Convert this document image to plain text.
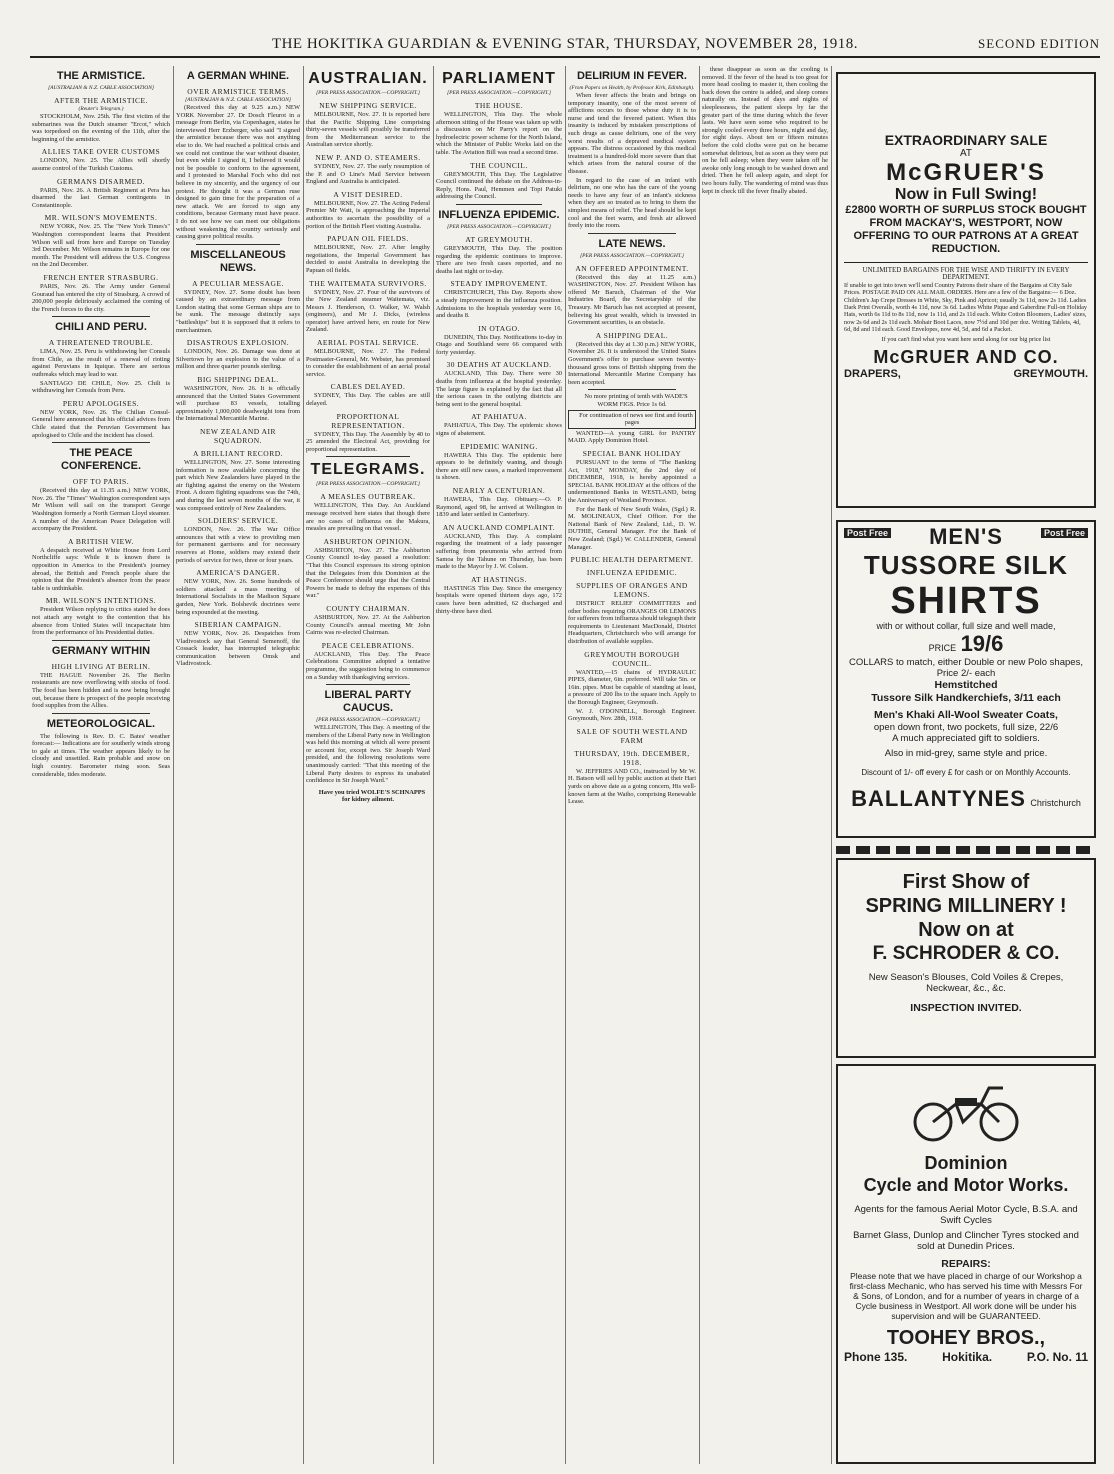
THE HOKITIKA GUARDIAN & EVENING STAR, THURSDAY, NOVEMBER 28, 1918.	SECOND EDITION
THE ARMISTICE.
[AUSTRALIAN & N.Z. CABLE ASSOCIATION]
AFTER THE ARMISTICE.
(Reuter's Telegram.)

STOCKHOLM, Nov. 25th. The first victim of the submarines was the Dutch steamer "Ercot," which was torpedoed on the evening of the 11th, after the beginning of the armistice.

ALLIES TAKE OVER CUSTOMS

LONDON, Nov. 25. The Allies will shortly assume control of the Turkish Customs.

GERMANS DISARMED.

PARIS, Nov. 26. A British Regiment at Pera has disarmed the last German contingents in Constantinople.

MR. WILSON'S MOVEMENTS.

NEW YORK, Nov. 25. The "New York Times's" Washington correspondent learns that President Wilson will sail from here and Europe on Tuesday 3rd December. Mr. Wilson remains in Europe for one month. The President will address the U.S. Congress on the 2nd December.

FRENCH ENTER STRASBURG.

PARIS, Nov. 26. The Army under General Gouraud has entered the city of Strasburg. A crowd of 200,000 people deliriously acclaimed the coming of the French forces to the city.

CHILI AND PERU.
A THREATENED TROUBLE.

LIMA, Nov. 25. Peru is withdrawing her Consuls from Chile, as the result of a renewal of rioting against Peruvians in Iquique. There are serious outbreaks which may lead to war.

SANTIAGO DE CHILE, Nov. 25. Chili is withdrawing her Consuls from Peru.

PERU APOLOGISES.

NEW YORK, Nov. 26. The Chilian Consul-General here announced that his official advices from Chile stated that the Peruvian Government has apologised to Chile and the incident has closed.

THE PEACE CONFERENCE.
OFF TO PARIS.

(Received this day at 11.35 a.m.) NEW YORK, Nov. 26. The "Times" Washington correspondent says Mr Wilson will sail on the transport George Washington formerly a North German Lloyd steamer. A number of the American Peace Delegation will accompany the President.

A BRITISH VIEW.

A despatch received at White House from Lord Northcliffe says: While it is known there is opposition in America to the President's journey abroad, the British and French people share the opinion that the President's absence from the peace table is unthinkable.

MR. WILSON'S INTENTIONS.

President Wilson replying to critics stated he does not attach any weight to the contention that his absence from United States will incapacitate him from the performance of his Presidential duties.

GERMANY WITHIN
HIGH LIVING AT BERLIN.

THE HAGUE November 26. The Berlin restaurants are now overflowing with stocks of food. The food has been hidden and is now being brought out, because there is prospect of the people receiving food supplies from the Allies.

METEOROLOGICAL.

The following is Rev. D. C. Bates' weather forecast:— Indications are for southerly winds strong to gale at times. The weather appears likely to be cloudy and unsettled. Rain probable and snow on high country. Barometer rising soon. Seas considerable, tides moderate.

A GERMAN WHINE.
OVER ARMISTICE TERMS.
[AUSTRALIAN & N.Z. CABLE ASSOCIATION]

(Received this day at 9.25 a.m.) NEW YORK November 27. Dr Dosch Fleurot in a message from Berlin, via Copenhagen, states he interviewed Herr Erzberger, who said "I signed the armistice because there was not anything else to do. We had reached a political crisis and we could not continue the war without disaster, but even while I signed it, I believed it would not be possible to conform to the agreement, and I protested to Marshal Foch who did not believe in my sincerity, and the urgency of our protest. He thought it was a German ruse designed to gain time for the preparation of a new attack. We are forced to sign any conditions, because Germany must have peace. I do not see how we can meet our obligations without weakening the country seriously and causing grave political results.

MISCELLANEOUS NEWS.
A PECULIAR MESSAGE.

SYDNEY, Nov. 27. Some doubt has been caused by an extraordinary message from London stating that some German ships are to be sunk. The message distinctly says "battleships" but it is supposed that it refers to merchantmen.

DISASTROUS EXPLOSION.

LONDON, Nov. 26. Damage was done at Silvertown by an explosion to the value of a million and three quarter pounds sterling.

BIG SHIPPING DEAL.

WASHINGTON, Nov. 26. It is officially announced that the United States Government will purchase 83 vessels, totalling approximately 1,000,000 deadweight tons from the International Mercantile Marine.

NEW ZEALAND AIR SQUADRON.
A BRILLIANT RECORD.

WELLINGTON, Nov. 27. Some interesting information is now available concerning the part which New Zealanders have played in the air fighting against the enemy on the Western Front. A dozen fighting squadrons was the 74th, and during the last seven months of the war, it was composed entirely of New Zealanders.

SOLDIERS' SERVICE.

LONDON, Nov. 26. The War Office announces that with a view to providing men for permanent garrisons and for necessary reserves at Home, soldiers may extend their periods of service for two, three or four years.

AMERICA'S DANGER.

NEW YORK, Nov. 26. Some hundreds of soldiers attacked a mass meeting of International Socialists in the Madison Square garden, New York. Bolshevik doctrines were being expounded at the meeting.

SIBERIAN CAMPAIGN.

NEW YORK, Nov. 26. Despatches from Vladivostock say that General Semenoff, the Cossack leader, has interrupted telegraphic communication between Omsk and Vladivostock.

AUSTRALIAN.
[PER PRESS ASSOCIATION.—COPYRIGHT.]
NEW SHIPPING SERVICE.

MELBOURNE, Nov. 27. It is reported here that the Pacific Shipping Line comprising thirty-seven vessels will possibly be transferred from the Mediterranean service to the Australian service shortly.

NEW P. AND O. STEAMERS.

SYDNEY, Nov. 27. The early resumption of the P. and O Line's Mail Service between England and Australia is anticipated.

A VISIT DESIRED.

MELBOURNE, Nov. 27. The Acting Federal Premier Mr Watt, is approaching the Imperial authorities to ascertain the possibility of a portion of the British Fleet visiting Australia.

PAPUAN OIL FIELDS.

MELBOURNE, Nov. 27. After lengthy negotiations, the Imperial Government has decided to assist Australia in developing the Papuan oil fields.

THE WAITEMATA SURVIVORS.

SYDNEY, Nov. 27. Four of the survivors of the New Zealand steamer Waitemata, viz. Messrs J. Henderson, O. Walker, W. Walsh (engineers), and Mr J. Dicks, (wireless operator) have arrived here, en route for New Zealand.

AERIAL POSTAL SERVICE.

MELBOURNE, Nov. 27. The Federal Postmaster-General, Mr. Webster, has promised to consider the establishment of an aerial postal service.

CABLES DELAYED.

SYDNEY, This Day. The cables are still delayed.

PROPORTIONAL REPRESENTATION.

SYDNEY, This Day. The Assembly by 40 to 25 amended the Electoral Act, providing for proportional representation.

TELEGRAMS.
[PER PRESS ASSOCIATION.—COPYRIGHT.]
A MEASLES OUTBREAK.

WELLINGTON, This Day. An Auckland message received here states that though there are no cases of influenza on the Makura, measles are prevailing on that vessel.

ASHBURTON OPINION.

ASHBURTON, Nov. 27. The Ashburton County Council to-day passed a resolution: "That this Council expresses its strong opinion that the Delegates from this Dominion at the Peace Conference should urge that the Central Powers be made to defray the expenses of this war."

COUNTY CHAIRMAN.

ASHBURTON, Nov. 27. At the Ashburton County Council's annual meeting Mr John Cairns was re-elected Chairman.

PEACE CELEBRATIONS.

AUCKLAND, This Day. The Peace Celebrations Committee adopted a tentative programme, the suggestion being to commence on a Sunday with thanksgiving services.

LIBERAL PARTY CAUCUS.
[PER PRESS ASSOCIATION.—COPYRIGHT.]

WELLINGTON, This Day. A meeting of the members of the Liberal Party now in Wellington was held this morning at which all were present or account for, except two. Sir Joseph Ward presided, and the following resolutions were unanimously carried: "That this meeting of the Liberal Party desires to express its unabated confidence in Sir Joseph Ward."

Have you tried WOLFE'S SCHNAPPS for kidney ailment.

PARLIAMENT
[PER PRESS ASSOCIATION.—COPYRIGHT.]
THE HOUSE.

WELLINGTON, This Day. The whole afternoon sitting of the House was taken up with a discussion on Mr Parry's report on the hydroelectric power scheme for the North Island, which the Minister of Public Works laid on the table. The Aviation Bill was read a second time.

THE COUNCIL.

GREYMOUTH, This Day. The Legislative Council continued the debate on the Address-in-Reply, Hons. Paul, Hemmen and Topi Patuki addressing the Council.

INFLUENZA EPIDEMIC.
[PER PRESS ASSOCIATION.—COPYRIGHT.]
AT GREYMOUTH.

GREYMOUTH, This Day. The position regarding the epidemic continues to improve. There are two fresh cases reported, and no deaths last night or to-day.

STEADY IMPROVEMENT.

CHRISTCHURCH, This Day. Reports show a steady improvement in the influenza position. Admissions to the hospitals yesterday were 16, and deaths 8.

IN OTAGO.

DUNEDIN, This Day. Notifications to-day in Otago and Southland were 66 compared with forty yesterday.

30 DEATHS AT AUCKLAND.

AUCKLAND, This Day. There were 30 deaths from influenza at the hospital yesterday. The large figure is explained by the fact that all the serious cases in the outlying districts are being sent to the general hospital.

AT PAHIATUA.

PAHIATUA, This Day. The epidemic shows signs of abatement.

EPIDEMIC WANING.

HAWERA This Day. The epidemic here appears to be definitely waning, and though there are still new cases, a marked improvement is shown.

NEARLY A CENTURIAN.

HAWERA, This Day. Obituary.—O. P. Raymond, aged 98, he arrived at Wellington in 1839 and later settled in Canterbury.

AN AUCKLAND COMPLAINT.

AUCKLAND, This Day. A complaint regarding the treatment of a lady passenger suffering from pneumonia who arrived from Samoa by the Tahune on Thursday, has been made to the Mayor by J. W. Colson.

AT HASTINGS.

HASTINGS This Day. Since the emergency hospitals were opened thirteen days ago, 172 cases have been admitted, 62 discharged and thirty-three have died.

DELIRIUM IN FEVER.
(From Papers on Health, by Professor Kirk, Edinburgh).

When fever affects the brain and brings on temporary insanity, one of the most severe of afflictions occurs to those whose duty it is to nurse and tend the fevered patient. When this insanity is induced by mistaken prescriptions of such drugs as cause delirium, one of the very worst results of a depraved medical system appears. The distress occasioned by this medical treatment is a hundred-fold more severe than that which arises from the natural course of the disease.

In regard to the case of an infant with delirium, no one who has the care of the young needs to have any fear of an infant's sickness when they are so treated as to bring to them the simplest means of relief. The head should be kept cool and the feet warm, and fresh air allowed freely into the room.

LATE NEWS.
[PER PRESS ASSOCIATION.—COPYRIGHT.]
AN OFFERED APPOINTMENT.

(Received this day at 11.25 a.m.) WASHINGTON, Nov. 27. President Wilson has offered Mr Baruch, Chairman of the War Industries Board, the Secretaryship of the Treasury. Mr Baruch has not accepted at present, believing his great wealth, which is invested in Government securities, is an obstacle.

A SHIPPING DEAL.

(Received this day at 1.30 p.m.) NEW YORK, November 26. It is understood the United States Government's offer to purchase seven twenty-thousand gross tons of British shipping from the International Mercantile Marine Company has been accepted.

No more printing of tenth with WADE'S WORM FIGS. Price 1s 6d.

For continuation of news see first and fourth pages

WANTED—A young GIRL for PANTRY MAID. Apply Dominion Hotel.

SPECIAL BANK HOLIDAY

PURSUANT to the terms of "The Banking Act, 1918," MONDAY, the 2nd day of DECEMBER, 1918, is hereby appointed a SPECIAL BANK HOLIDAY at the offices of the undermentioned Banks in WESTLAND, being the Anniversary of Westland Province.

For the Bank of New South Wales, (Sgd.) R. M. MOLINEAUX, Chief Officer. For the National Bank of New Zealand, Ltd., D. W. DUTHIE, General Manager. For the Bank of New Zealand; (Sgd.) W. CALLENDER, General Manager.

PUBLIC HEALTH DEPARTMENT.
INFLUENZA EPIDEMIC.
SUPPLIES OF ORANGES AND LEMONS.

DISTRICT RELIEF COMMITTEES and other bodies requiring ORANGES OR LEMONS for sufferers from influenza should telegraph their requirements to Lieutenant MacDonald, District Headquarters, Christchurch who will arrange for distribution of available supplies.

GREYMOUTH BOROUGH COUNCIL.

WANTED,—15 chains of HYDRAULIC PIPES, diameter, 6in. preferred. Will take 5in. or 16in. pipes. Must be capable of standing at least, a pressure of 200 lbs to the square inch. Apply to the Borough Engineer, Greymouth.

W. J. O'DONNELL, Borough Engineer. Greymouth, Nov. 28th, 1918.

SALE OF SOUTH WESTLAND FARM
THURSDAY, 19th. DECEMBER, 1918.

W. JEFFRIES AND CO., instructed by Mr W. H. Batson will sell by public auction at their Hari yards on above date as a going concern, His well-known farm at the Waiho, comprising Renewable Lease.

these disappear as soon as the cooling is removed. If the fever of the head is too great for more head cooling to master it, then cooling the back down the centre is added, and sleep comes naturally on. Instead of days and nights of sleeplessness, the patient sleeps by far the greater part of the time during which the fever lasts. We have seen some who required to be strongly cooled every three hours, night and day, for eight days. About ten or fifteen minutes before the cold cloths were put on he became somewhat delirious, but as soon as they were put on he fell asleep; when they were taken off he awoke only long enough to be washed down and dried. Then he fell asleep again, and slept for two hours fully. The wandering of mind was thus kept in check till the fever finally abated.

EXTRAORDINARY SALE
AT
McGRUER'S
Now in Full Swing!
£2800 WORTH OF SURPLUS STOCK BOUGHT FROM MACKAY'S, WESTPORT, NOW OFFERING TO OUR PATRONS AT A GREAT REDUCTION.
UNLIMITED BARGAINS FOR THE WISE AND THRIFTY IN EVERY DEPARTMENT.
If unable to get into town we'll send Country Patrons their share of the Bargains at City Sale Prices. POSTAGE PAID ON ALL MAIL ORDERS. Here are a few of the Bargains:— 6 Doz. Children's Jap Crepe Dresses in White, Sky, Pink and Apricot; usually 3s 11d, now 2s 11d. Ladies Dark Print Overalls, worth 4s 11d, now 3s 6d. Ladies White Pique and Gaberdine Full-on Holiday Hats, worth 6s 11d to 8s 11d, now 1s 11d, and 2s 11d each. White Cotton Bloomers, Ladies' sizes, now 2s 6d and 2s 11d each. Mohair Boot Laces, now 7½d and 10d per doz. Writing Tablets, 4d, 6d, 8d and 11d each. Good Envelopes, now 4d, 5d, and 6d a Packet.
If you can't find what you want here send along for our big price list
McGRUER AND CO.
DRAPERS,	GREYMOUTH.
Post Free	Post Free
MEN'S
TUSSORE SILK
SHIRTS
with or without collar, full size and well made,
PRICE 19/6
COLLARS to match, either Double or new Polo shapes, Price 2/- each
Hemstitched
Tussore Silk Handkerchiefs, 3/11 each
Men's Khaki All-Wool Sweater Coats,
open down front, two pockets, full size, 22/6
A much appreciated gift to soldiers.
Also in mid-grey, same style and price.
Discount of 1/- off every £ for cash or on Monthly Accounts.
BALLANTYNES Christchurch
First Show of
SPRING MILLINERY !
Now on at
F. SCHRODER & CO.
New Season's Blouses, Cold Voiles & Crepes, Neckwear, &c., &c.
INSPECTION INVITED.
Dominion
Cycle and Motor Works.
Agents for the famous Aerial Motor Cycle, B.S.A. and Swift Cycles
Barnet Glass, Dunlop and Clincher Tyres stocked and sold at Dunedin Prices.
REPAIRS:
Please note that we have placed in charge of our Workshop a first-class Mechanic, who has served his time with Messrs For & Sons, of London, and for a number of years in charge of a Cycle business in Westport. All work done will be under his supervision and will be GUARANTEED.
TOOHEY BROS.,
Phone 135.	Hokitika.	P.O. No. 11
